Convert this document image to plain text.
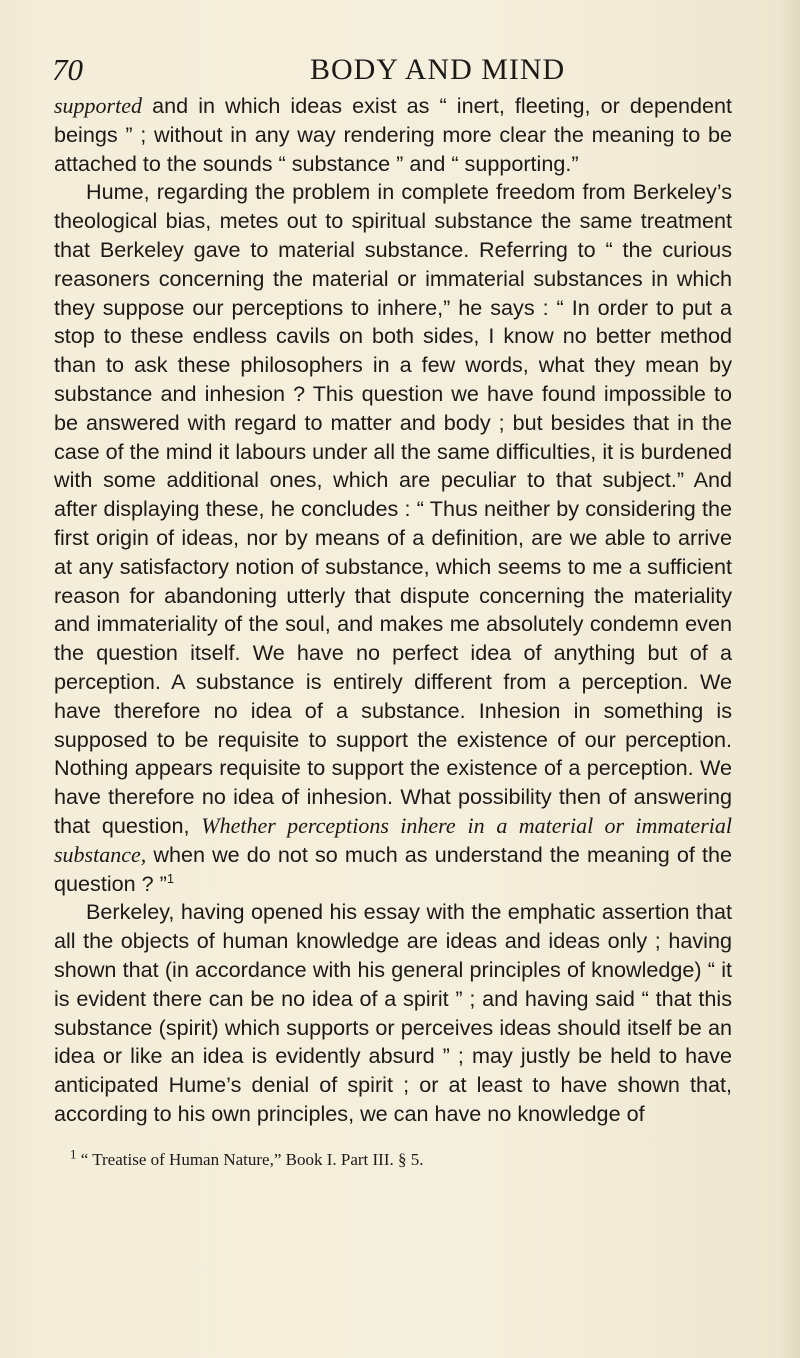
70	BODY AND MIND

supported and in which ideas exist as “ inert, fleeting, or dependent beings ” ; without in any way rendering more clear the meaning to be attached to the sounds “ substance ” and “ supporting.”

Hume, regarding the problem in complete freedom from Berkeley’s theological bias, metes out to spiritual substance the same treatment that Berkeley gave to material substance. Referring to “ the curious reasoners concerning the material or immaterial substances in which they suppose our perceptions to inhere,” he says : “ In order to put a stop to these endless cavils on both sides, I know no better method than to ask these philosophers in a few words, what they mean by substance and inhesion ? This question we have found impossible to be answered with regard to matter and body ; but besides that in the case of the mind it labours under all the same difficulties, it is burdened with some additional ones, which are peculiar to that subject.” And after displaying these, he concludes : “ Thus neither by considering the first origin of ideas, nor by means of a definition, are we able to arrive at any satisfactory notion of substance, which seems to me a sufficient reason for abandoning utterly that dispute concerning the materiality and immateriality of the soul, and makes me absolutely condemn even the question itself. We have no perfect idea of anything but of a perception. A substance is entirely different from a perception. We have therefore no idea of a substance. Inhesion in something is supposed to be requisite to support the existence of our perception. Nothing appears requisite to support the existence of a perception. We have therefore no idea of inhesion. What possibility then of answering that question, Whether perceptions inhere in a material or immaterial substance, when we do not so much as understand the meaning of the question ? ”$^1$

Berkeley, having opened his essay with the emphatic assertion that all the objects of human knowledge are ideas and ideas only ; having shown that (in accordance with his general principles of knowledge) “ it is evident there can be no idea of a spirit ” ; and having said “ that this substance (spirit) which supports or perceives ideas should itself be an idea or like an idea is evidently absurd ” ; may justly be held to have anticipated Hume’s denial of spirit ; or at least to have shown that, according to his own principles, we can have no knowledge of

$^1$ “ Treatise of Human Nature,” Book I. Part III. § 5.
